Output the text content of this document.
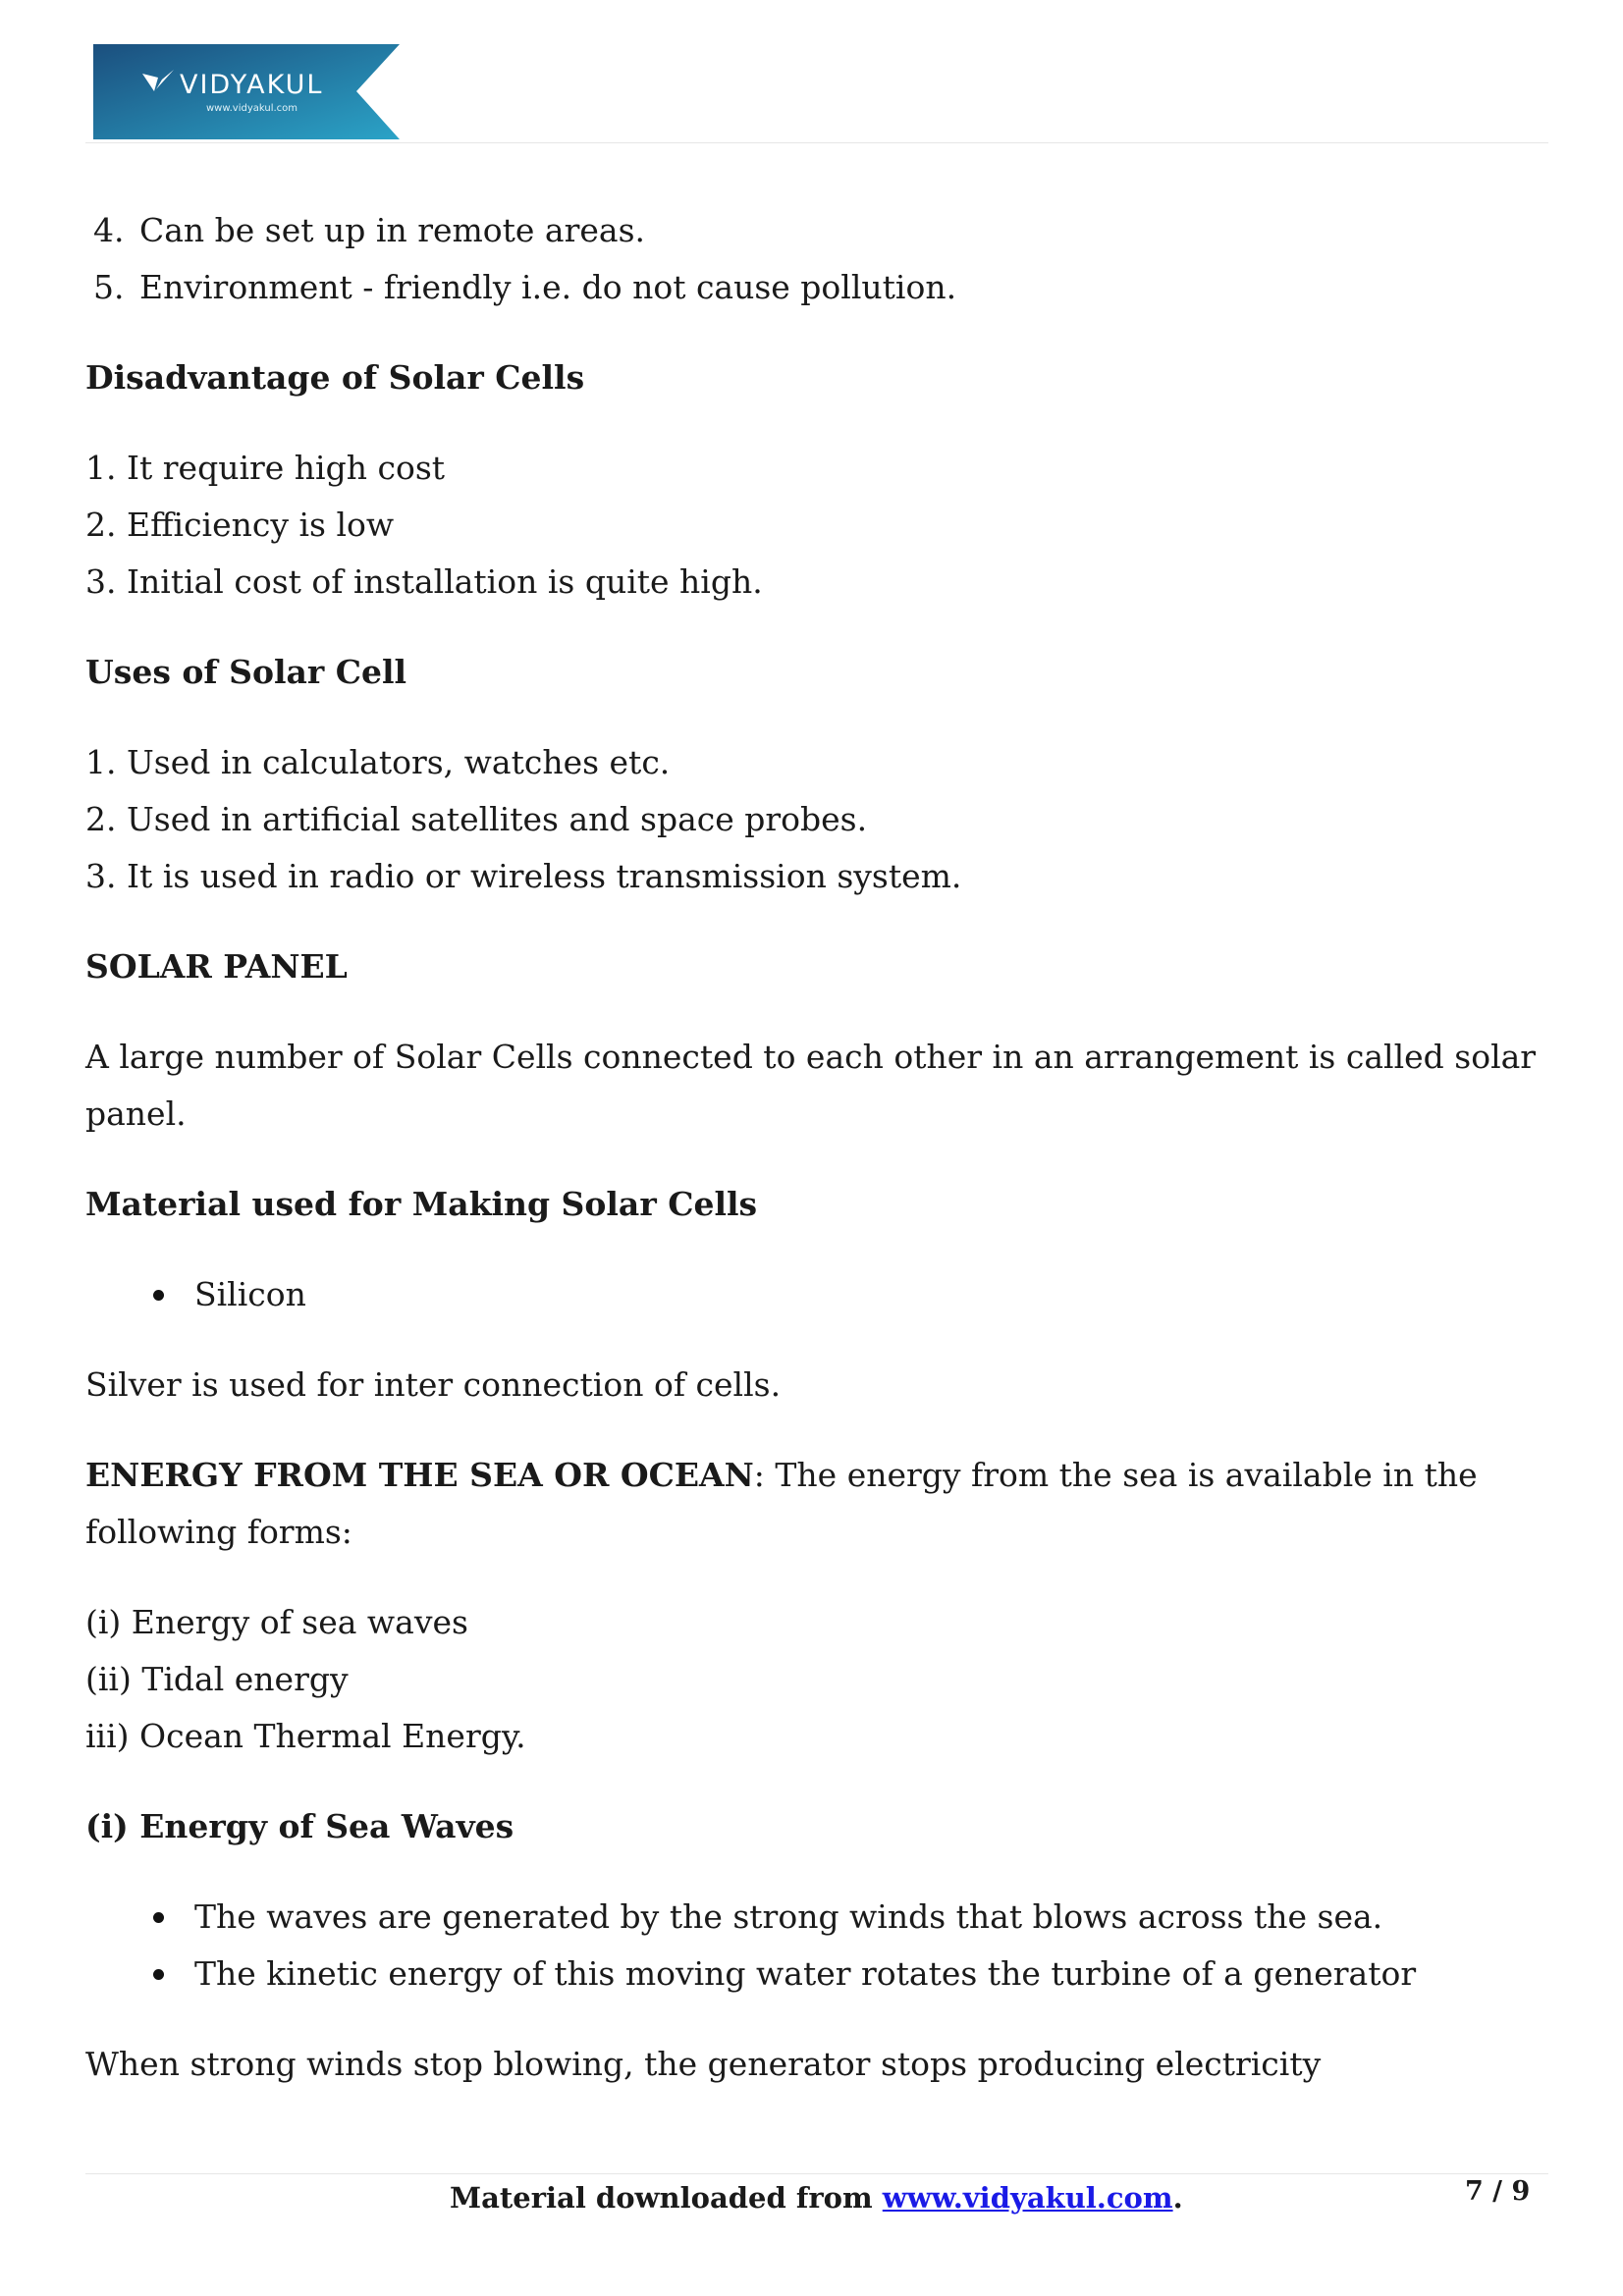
VIDYAKUL
www.vidyakul.com

4. Can be set up in remote areas.

5. Environment - friendly i.e. do not cause pollution.

Disadvantage of Solar Cells

1. It require high cost

2. Efficiency is low

3. Initial cost of installation is quite high.

Uses of Solar Cell

1. Used in calculators, watches etc.

2. Used in artificial satellites and space probes.

3. It is used in radio or wireless transmission system.

SOLAR PANEL

A large number of Solar Cells connected to each other in an arrangement is called solar panel.

Material used for Making Solar Cells

Silicon

Silver is used for inter connection of cells.

ENERGY FROM THE SEA OR OCEAN: The energy from the sea is available in the following forms:

(i) Energy of sea waves

(ii) Tidal energy

iii) Ocean Thermal Energy.

(i) Energy of Sea Waves

The waves are generated by the strong winds that blows across the sea.

The kinetic energy of this moving water rotates the turbine of a generator

When strong winds stop blowing, the generator stops producing electricity

Material downloaded from www.vidyakul.com.	7 / 9
